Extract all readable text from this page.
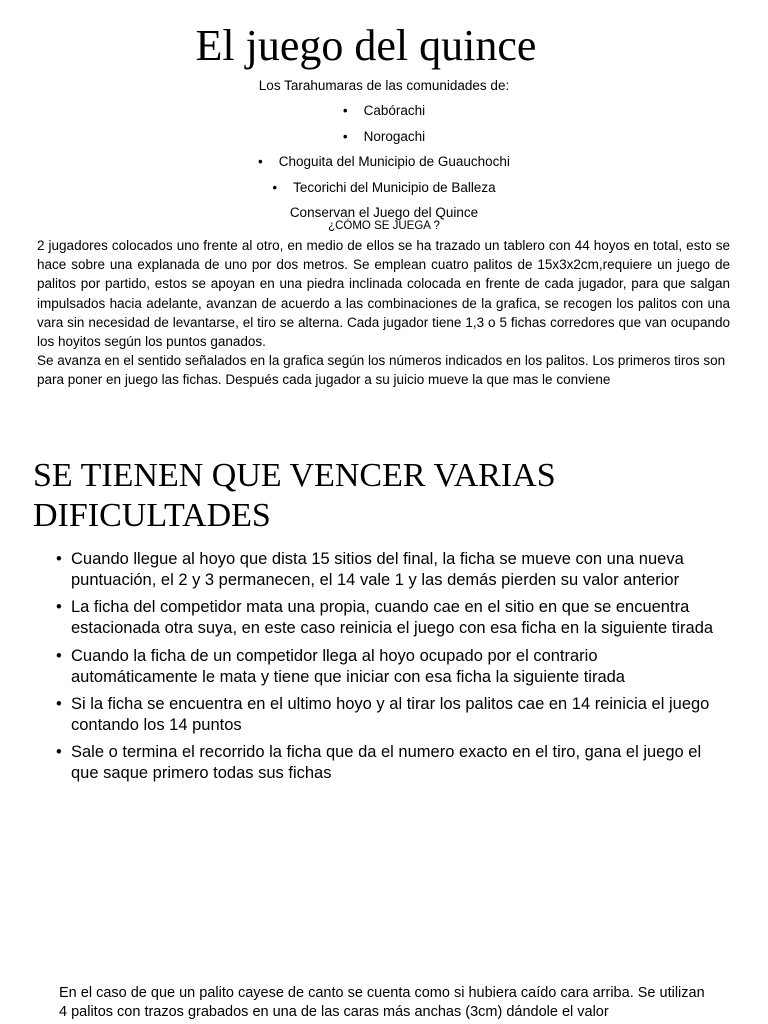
El juego del quince
Los Tarahumaras de las comunidades de:
• Cabórachi
• Norogachi
• Choguita del Municipio de Guauchochi
• Tecorichi del Municipio de Balleza
Conservan el Juego del Quince
¿CÓMO SE JUEGA ?

2 jugadores colocados uno frente al otro, en medio de ellos se ha trazado un tablero con 44 hoyos en total, esto se hace sobre una explanada de uno por dos metros. Se emplean cuatro palitos de 15x3x2cm,requiere un juego de palitos por partido, estos se apoyan en una piedra inclinada colocada en frente de cada jugador, para que salgan impulsados hacia adelante, avanzan de acuerdo a las combinaciones de la grafica, se recogen los palitos con una vara sin necesidad de levantarse, el tiro se alterna. Cada jugador tiene 1,3 o 5 fichas corredores que van ocupando los hoyitos según los puntos ganados.

Se avanza en el sentido señalados en la grafica según los números indicados en los palitos. Los primeros tiros son para poner en juego las fichas. Después cada jugador a su juicio mueve la que mas le conviene

SE TIENEN QUE VENCER VARIAS DIFICULTADES
• Cuando llegue al hoyo que dista 15 sitios del final, la ficha se mueve con una nueva puntuación, el 2 y 3 permanecen, el 14 vale 1 y las demás pierden su valor anterior
• La ficha del competidor mata una propia, cuando cae en el sitio en que se encuentra estacionada otra suya, en este caso reinicia el juego con esa ficha en la siguiente tirada
• Cuando la ficha de un competidor llega al hoyo ocupado por el contrario automáticamente le mata y tiene que iniciar con esa ficha la siguiente tirada
• Si la ficha se encuentra en el ultimo hoyo y al tirar los palitos cae en 14 reinicia el juego contando los 14 puntos
• Sale o termina el recorrido la ficha que da el numero exacto en el tiro, gana el juego el que saque primero todas sus fichas
En el caso de que un palito cayese de canto se cuenta como si hubiera caído cara arriba. Se utilizan 4 palitos con trazos grabados en una de las caras más anchas (3cm) dándole el valor
